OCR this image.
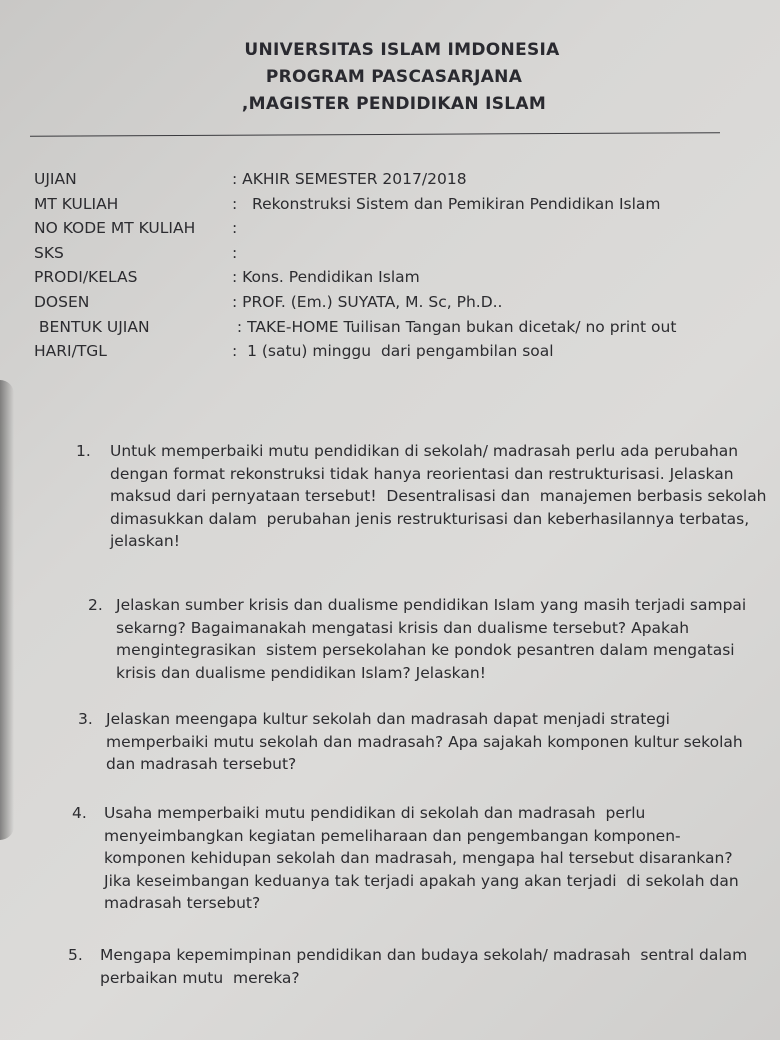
UNIVERSITAS ISLAM IMDONESIA
PROGRAM PASCASARJANA
,MAGISTER PENDIDIKAN ISLAM
UJIAN	: AKHIR SEMESTER 2017/2018
MT KULIAH	:   Rekonstruksi Sistem dan Pemikiran Pendidikan Islam
NO KODE MT KULIAH :
SKS	:
PRODI/KELAS	: Kons. Pendidikan Islam
DOSEN	: PROF. (Em.) SUYATA, M. Sc, Ph.D..
BENTUK UJIAN	: TAKE-HOME Tuilisan Tangan bukan dicetak/ no print out
HARI/TGL	:  1 (satu) minggu  dari pengambilan soal
1. Untuk memperbaiki mutu pendidikan di sekolah/ madrasah perlu ada perubahan
dengan format rekonstruksi tidak hanya reorientasi dan restrukturisasi. Jelaskan
maksud dari pernyataan tersebut!  Desentralisasi dan  manajemen berbasis sekolah
dimasukkan dalam  perubahan jenis restrukturisasi dan keberhasilannya terbatas,
jelaskan!
2. Jelaskan sumber krisis dan dualisme pendidikan Islam yang masih terjadi sampai
sekarng? Bagaimanakah mengatasi krisis dan dualisme tersebut? Apakah
mengintegrasikan  sistem persekolahan ke pondok pesantren dalam mengatasi
krisis dan dualisme pendidikan Islam? Jelaskan!
3. Jelaskan meengapa kultur sekolah dan madrasah dapat menjadi strategi
memperbaiki mutu sekolah dan madrasah? Apa sajakah komponen kultur sekolah
dan madrasah tersebut?
4. Usaha memperbaiki mutu pendidikan di sekolah dan madrasah  perlu
menyeimbangkan kegiatan pemeliharaan dan pengembangan komponen-
komponen kehidupan sekolah dan madrasah, mengapa hal tersebut disarankan?
Jika keseimbangan keduanya tak terjadi apakah yang akan terjadi  di sekolah dan
madrasah tersebut?
5. Mengapa kepemimpinan pendidikan dan budaya sekolah/ madrasah  sentral dalam
perbaikan mutu  mereka?
